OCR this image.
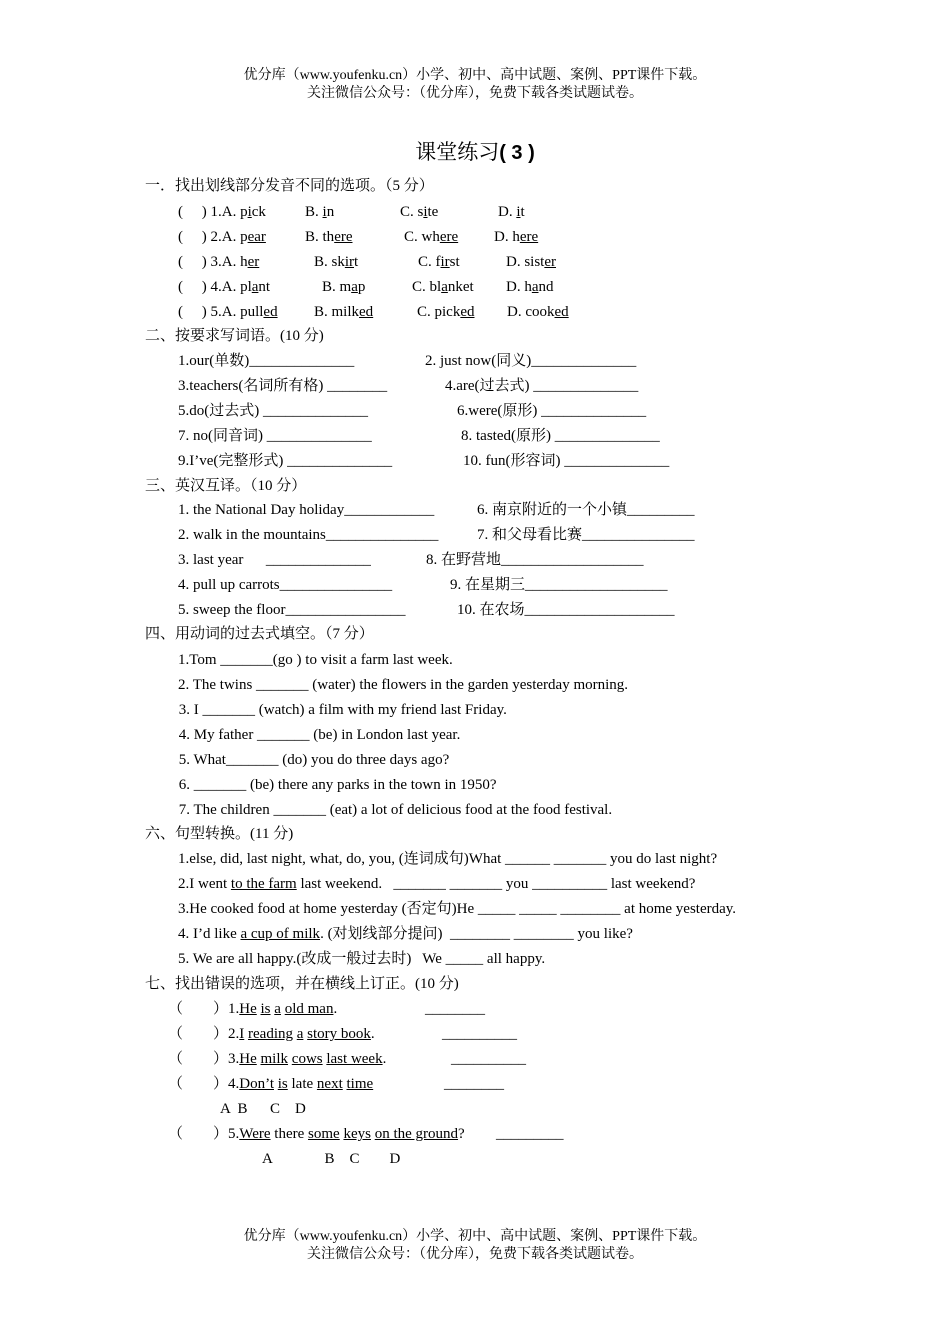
优分库（www.youfenku.cn）小学、初中、高中试题、案例、PPT课件下载。
关注微信公众号：（优分库），免费下载各类试题试卷。
课堂练习( 3 )
一．找出划线部分发音不同的选项。（5 分）
(     ) 1.A. pick	B. in	C. site	D. it
(     ) 2.A. pear	B. there	C. where D. here
(     ) 3.A. her	B. skirt	C. first	D. sister
(     ) 4.A. plant	B. map	C. blanket D. hand
(     ) 5.A. pulled B. milked	C. picked D. cooked
二、按要求写词语。(10 分)
1.our(单数)______________	2. just now(同义)______________
3.teachers(名词所有格) ________	4.are(过去式) ______________
5.do(过去式) ______________	6.were(原形) ______________
7. no(同音词) ______________	8. tasted(原形) ______________
9.I’ve(完整形式) ______________	10. fun(形容词) ______________
三、英汉互译。（10 分）
1. the National Day holiday____________	6. 南京附近的一个小镇_________
2. walk in the mountains_______________	7. 和父母看比赛_______________
3. last year      ______________	8. 在野营地___________________
4. pull up carrots_______________	9. 在星期三___________________
5. sweep the floor________________	10. 在农场____________________
四、用动词的过去式填空。（7 分）
1.Tom _______(go ) to visit a farm last week.
2. The twins _______ (water) the flowers in the garden yesterday morning.
3. I _______ (watch) a film with my friend last Friday.
4. My father _______ (be) in London last year.
5. What_______ (do) you do three days ago?
6. _______ (be) there any parks in the town in 1950?
7. The children _______ (eat) a lot of delicious food at the food festival.
六、句型转换。(11 分)
1.else, did, last night, what, do, you, (连词成句)What ______ _______ you do last night?
2.I went to the farm last weekend.   _______ _______ you __________ last weekend?
3.He cooked food at home yesterday (否定句)He _____ _____ ________ at home yesterday.
4. I’d like a cup of milk. (对划线部分提问)  ________ ________ you like?
5. We are all happy.(改成一般过去时)   We _____ all happy.
七、找出错误的选项，并在横线上订正。(10 分)
（        ）1.He is a old man.	________
（        ）2.I reading a story book.	__________
（        ）3.He milk cows last week.	__________
（        ）4.Don’t is late next time	________
A  B      C    D
（        ）5.Were there some keys on the ground? _________
A              B    C        D
优分库（www.youfenku.cn）小学、初中、高中试题、案例、PPT课件下载。
关注微信公众号：（优分库），免费下载各类试题试卷。
